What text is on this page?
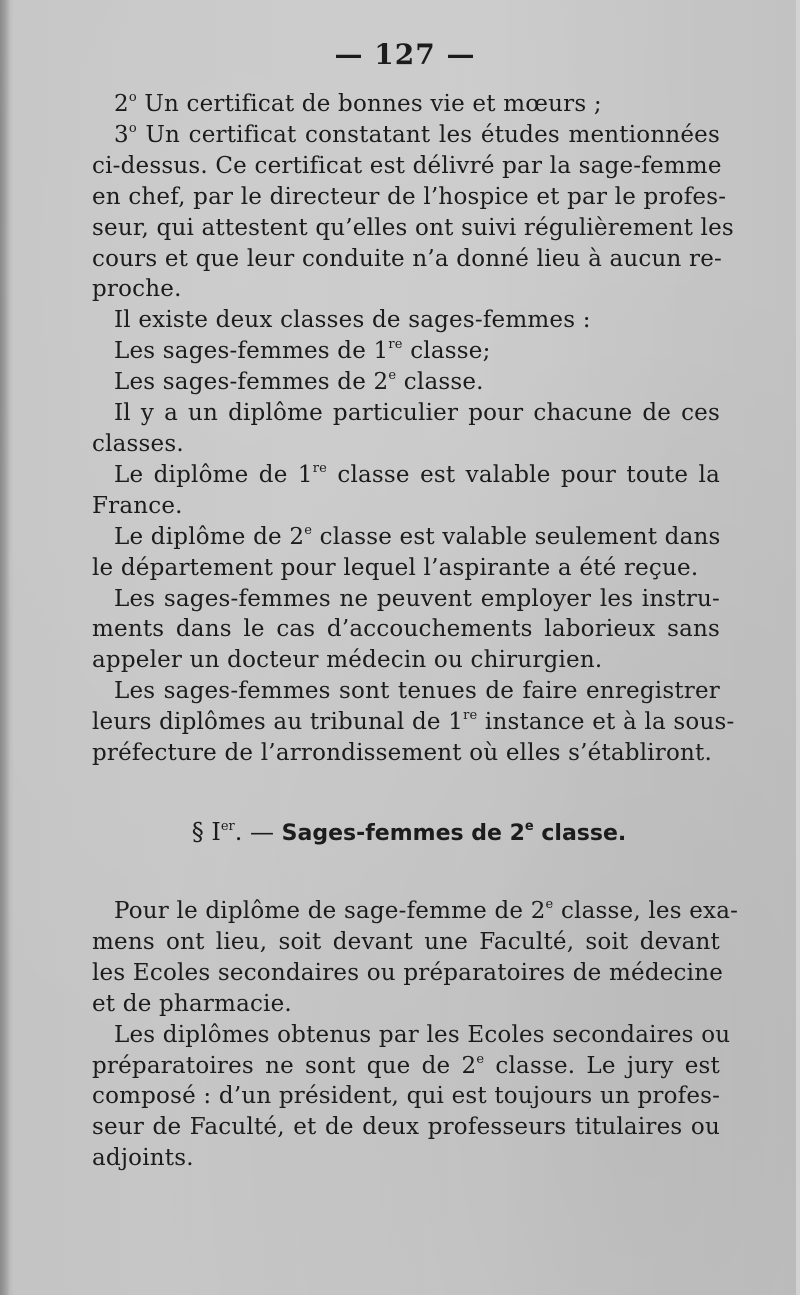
— 127 —
2$^o$ Un certificat de bonnes vie et mœurs ;
3$^o$ Un certificat constatant les études mentionnées
ci-dessus. Ce certificat est délivré par la sage-femme
en chef, par le directeur de l’hospice et par le profes-
seur, qui attestent qu’elles ont suivi régulièrement les
cours et que leur conduite n’a donné lieu à aucun re-
proche.
Il existe deux classes de sages-femmes :
Les sages-femmes de 1re classe;
Les sages-femmes de 2e classe.
Il y a un diplôme particulier pour chacune de ces
classes.
Le diplôme de 1re classe est valable pour toute la
France.
Le diplôme de 2e classe est valable seulement dans
le département pour lequel l’aspirante a été reçue.
Les sages-femmes ne peuvent employer les instru-
ments dans le cas d’accouchements laborieux sans
appeler un docteur médecin ou chirurgien.
Les sages-femmes sont tenues de faire enregistrer
leurs diplômes au tribunal de 1re instance et à la sous-
préfecture de l’arrondissement où elles s’établiront.
§ Ier. — Sages-femmes de 2e classe.
Pour le diplôme de sage-femme de 2e classe, les exa-
mens ont lieu, soit devant une Faculté, soit devant
les Ecoles secondaires ou préparatoires de médecine
et de pharmacie.
Les diplômes obtenus par les Ecoles secondaires ou
préparatoires ne sont que de 2e classe. Le jury est
composé : d’un président, qui est toujours un profes-
seur de Faculté, et de deux professeurs titulaires ou
adjoints.
